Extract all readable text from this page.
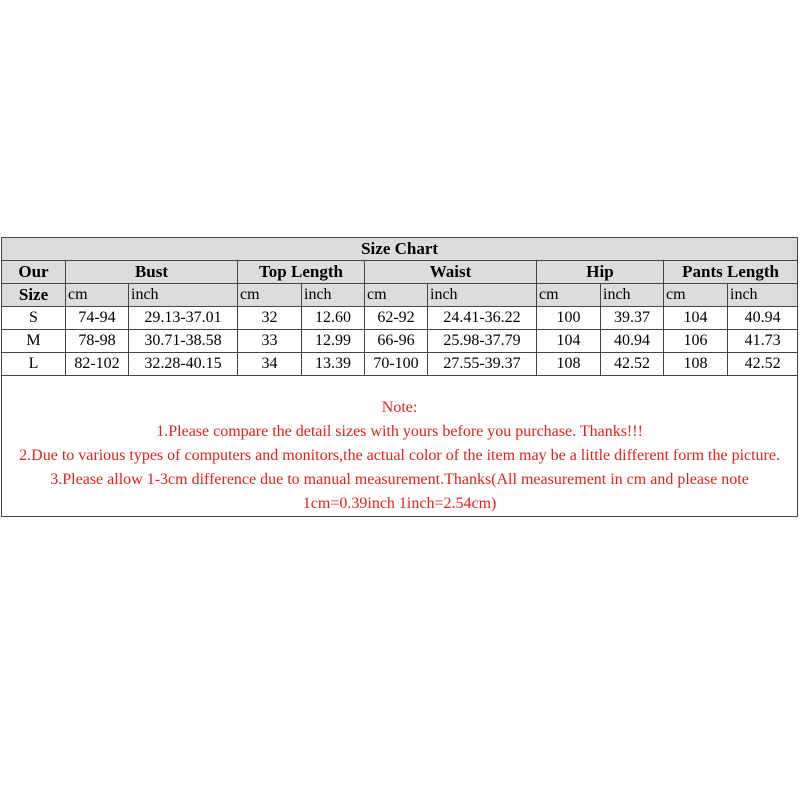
Size Chart										
Our	Bust		Top Length		Waist		Hip		Pants Length	
Size	cm	inch	cm	inch	cm	inch	cm	inch	cm	inch
S	74-94	29.13-37.01	32	12.60	62-92	24.41-36.22	100	39.37	104	40.94
M	78-98	30.71-38.58	33	12.99	66-96	25.98-37.79	104	40.94	106	41.73
L	82-102	32.28-40.15	34	13.39	70-100	27.55-39.37	108	42.52	108	42.52

Note:
1.Please compare the detail sizes with yours before you purchase. Thanks!!!
2.Due to various types of computers and monitors,the actual color of the item may be a little different form the picture.
3.Please allow 1-3cm difference due to manual measurement.Thanks(All measurement in cm and please note 1cm=0.39inch 1inch=2.54cm)										
